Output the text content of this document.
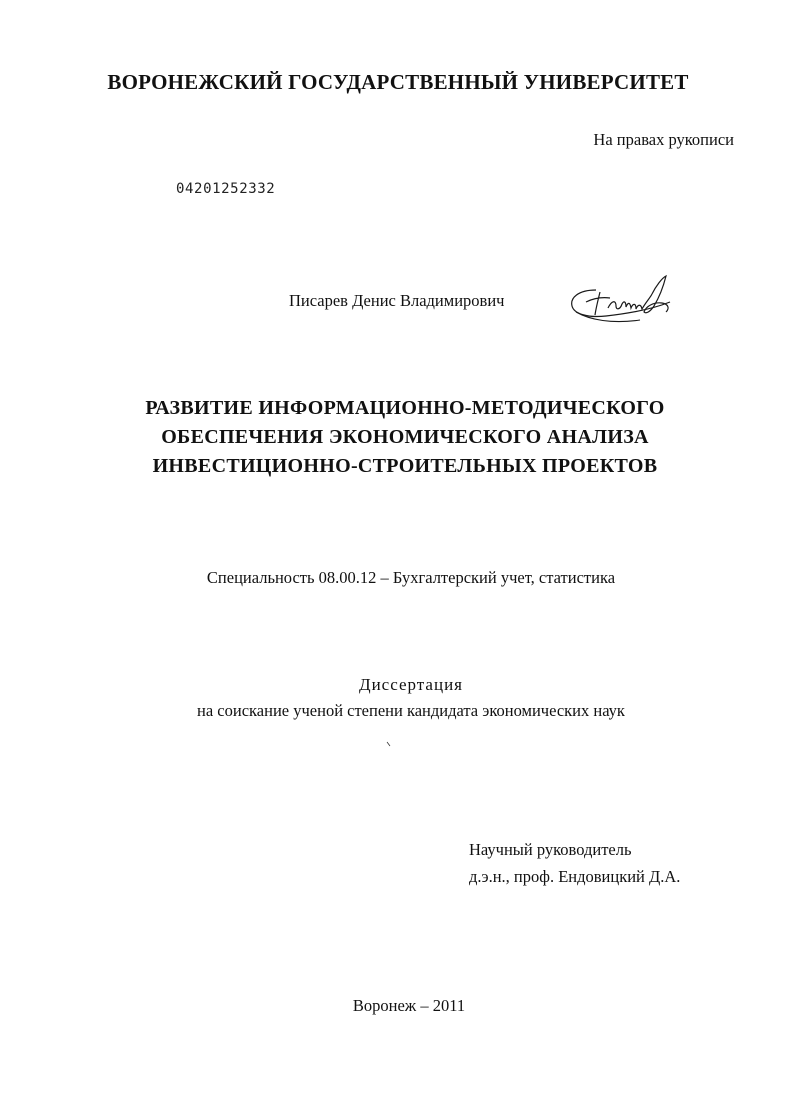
ВОРОНЕЖСКИЙ ГОСУДАРСТВЕННЫЙ УНИВЕРСИТЕТ
На правах рукописи
04201252332
Писарев Денис Владимирович
РАЗВИТИЕ ИНФОРМАЦИОННО-МЕТОДИЧЕСКОГО
ОБЕСПЕЧЕНИЯ ЭКОНОМИЧЕСКОГО АНАЛИЗА
ИНВЕСТИЦИОННО-СТРОИТЕЛЬНЫХ ПРОЕКТОВ
Специальность 08.00.12 – Бухгалтерский учет, статистика
Диссертация
на соискание ученой степени кандидата экономических наук
Научный руководитель
д.э.н., проф. Ендовицкий Д.А.
Воронеж – 2011
